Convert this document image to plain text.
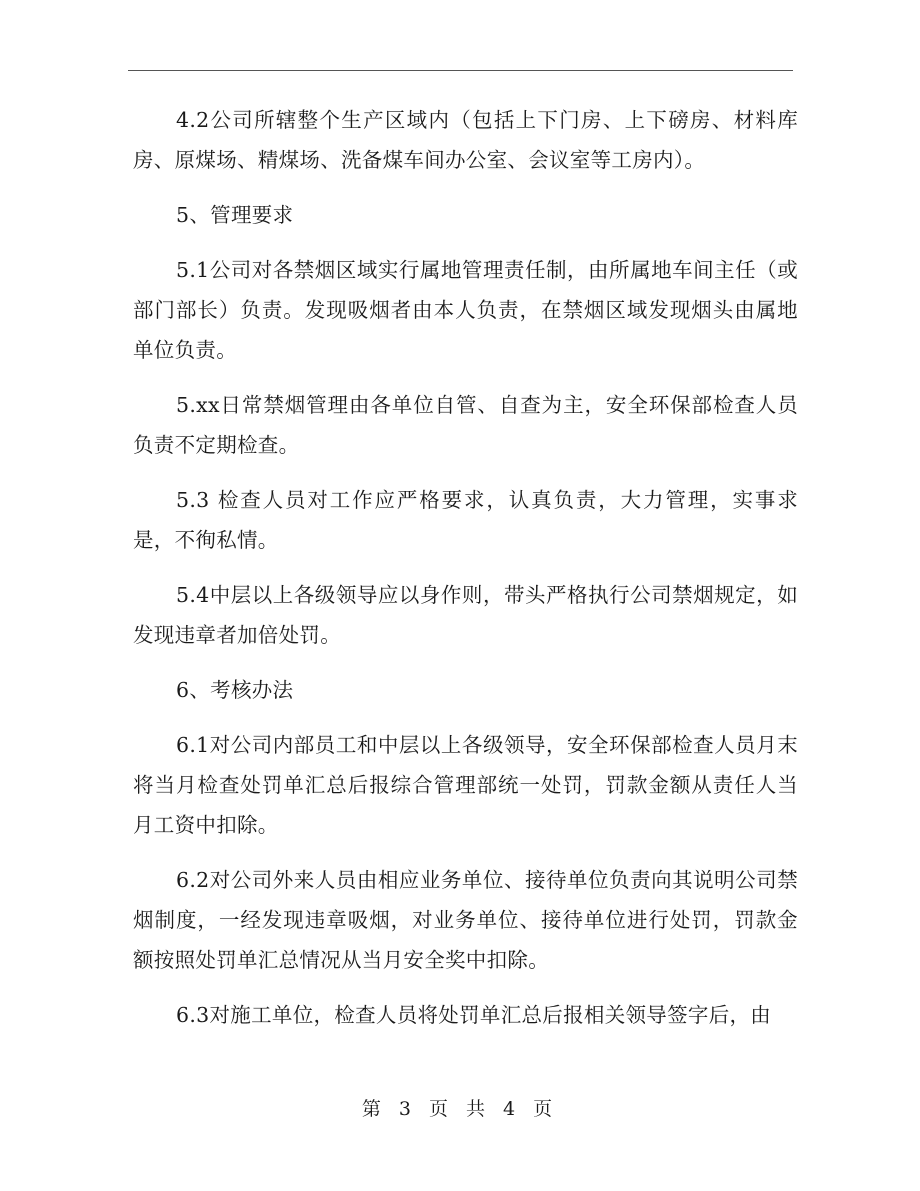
4.2公司所辖整个生产区域内（包括上下门房、上下磅房、材料库房、原煤场、精煤场、洗备煤车间办公室、会议室等工房内）。

5、管理要求

5.1公司对各禁烟区域实行属地管理责任制，由所属地车间主任（或部门部长）负责。发现吸烟者由本人负责，在禁烟区域发现烟头由属地单位负责。

5.xx日常禁烟管理由各单位自管、自查为主，安全环保部检查人员负责不定期检查。

5.3 检查人员对工作应严格要求，认真负责，大力管理，实事求是，不徇私情。

5.4中层以上各级领导应以身作则，带头严格执行公司禁烟规定，如发现违章者加倍处罚。

6、考核办法

6.1对公司内部员工和中层以上各级领导，安全环保部检查人员月末将当月检查处罚单汇总后报综合管理部统一处罚，罚款金额从责任人当月工资中扣除。

6.2对公司外来人员由相应业务单位、接待单位负责向其说明公司禁烟制度，一经发现违章吸烟，对业务单位、接待单位进行处罚，罚款金额按照处罚单汇总情况从当月安全奖中扣除。

6.3对施工单位，检查人员将处罚单汇总后报相关领导签字后，由

第 3 页 共 4 页
